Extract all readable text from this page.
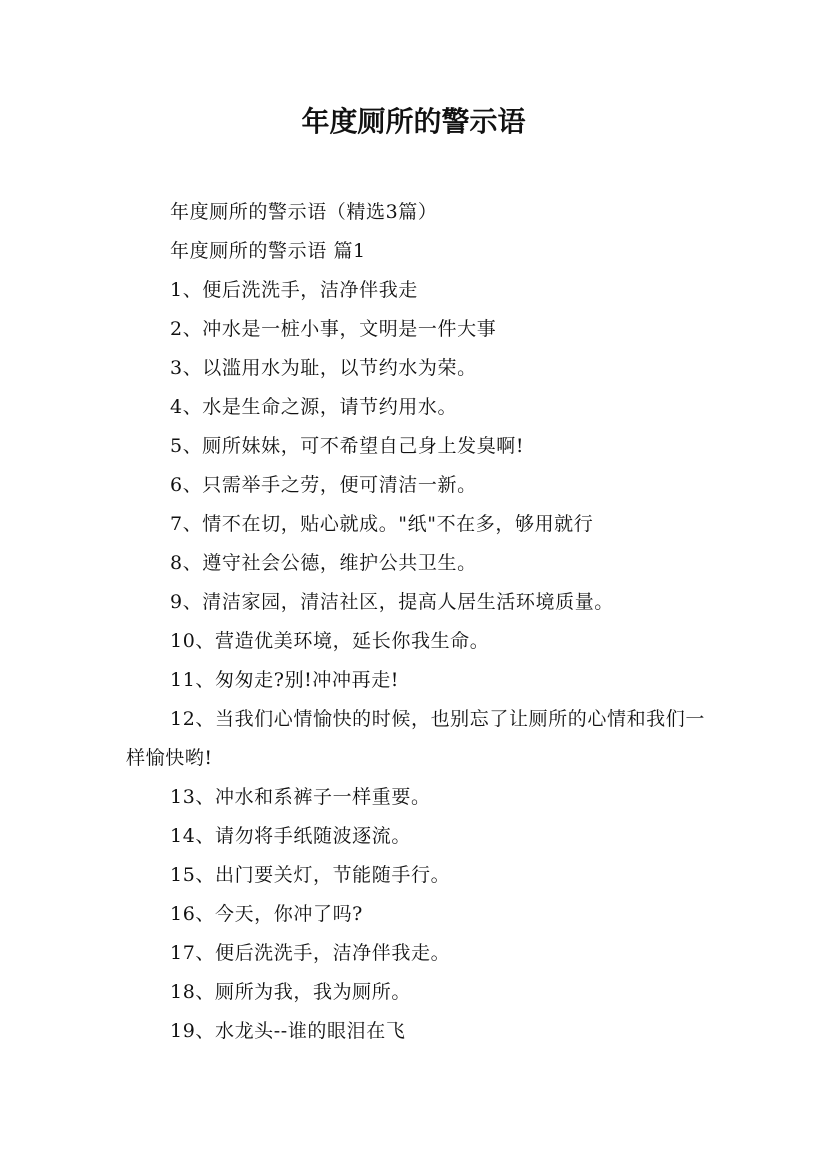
年度厕所的警示语

年度厕所的警示语（精选3篇）

年度厕所的警示语 篇1

1、便后洗洗手，洁净伴我走

2、冲水是一桩小事，文明是一件大事

3、以滥用水为耻，以节约水为荣。

4、水是生命之源，请节约用水。

5、厕所妹妹，可不希望自己身上发臭啊!

6、只需举手之劳，便可清洁一新。

7、情不在切，贴心就成。"纸"不在多，够用就行

8、遵守社会公德，维护公共卫生。

9、清洁家园，清洁社区，提高人居生活环境质量。

10、营造优美环境，延长你我生命。

11、匆匆走?别!冲冲再走!

12、当我们心情愉快的时候，也别忘了让厕所的心情和我们一样愉快哟!

13、冲水和系裤子一样重要。

14、请勿将手纸随波逐流。

15、出门要关灯，节能随手行。

16、今天，你冲了吗?

17、便后洗洗手，洁净伴我走。

18、厕所为我，我为厕所。

19、水龙头--谁的眼泪在飞
